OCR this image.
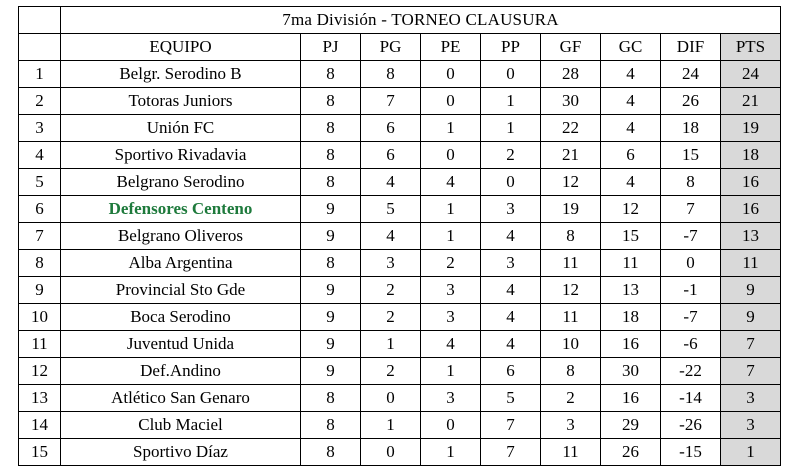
	7ma División - TORNEO CLAUSURA								
	EQUIPO	PJ	PG	PE	PP	GF	GC	DIF	PTS
1	Belgr. Serodino B	8	8	0	0	28	4	24	24
2	Totoras Juniors	8	7	0	1	30	4	26	21
3	Unión FC	8	6	1	1	22	4	18	19
4	Sportivo Rivadavia	8	6	0	2	21	6	15	18
5	Belgrano Serodino	8	4	4	0	12	4	8	16
6	Defensores Centeno	9	5	1	3	19	12	7	16
7	Belgrano Oliveros	9	4	1	4	8	15	-7	13
8	Alba Argentina	8	3	2	3	11	11	0	11
9	Provincial Sto Gde	9	2	3	4	12	13	-1	9
10	Boca Serodino	9	2	3	4	11	18	-7	9
11	Juventud Unida	9	1	4	4	10	16	-6	7
12	Def.Andino	9	2	1	6	8	30	-22	7
13	Atlético San Genaro	8	0	3	5	2	16	-14	3
14	Club Maciel	8	1	0	7	3	29	-26	3
15	Sportivo Díaz	8	0	1	7	11	26	-15	1
